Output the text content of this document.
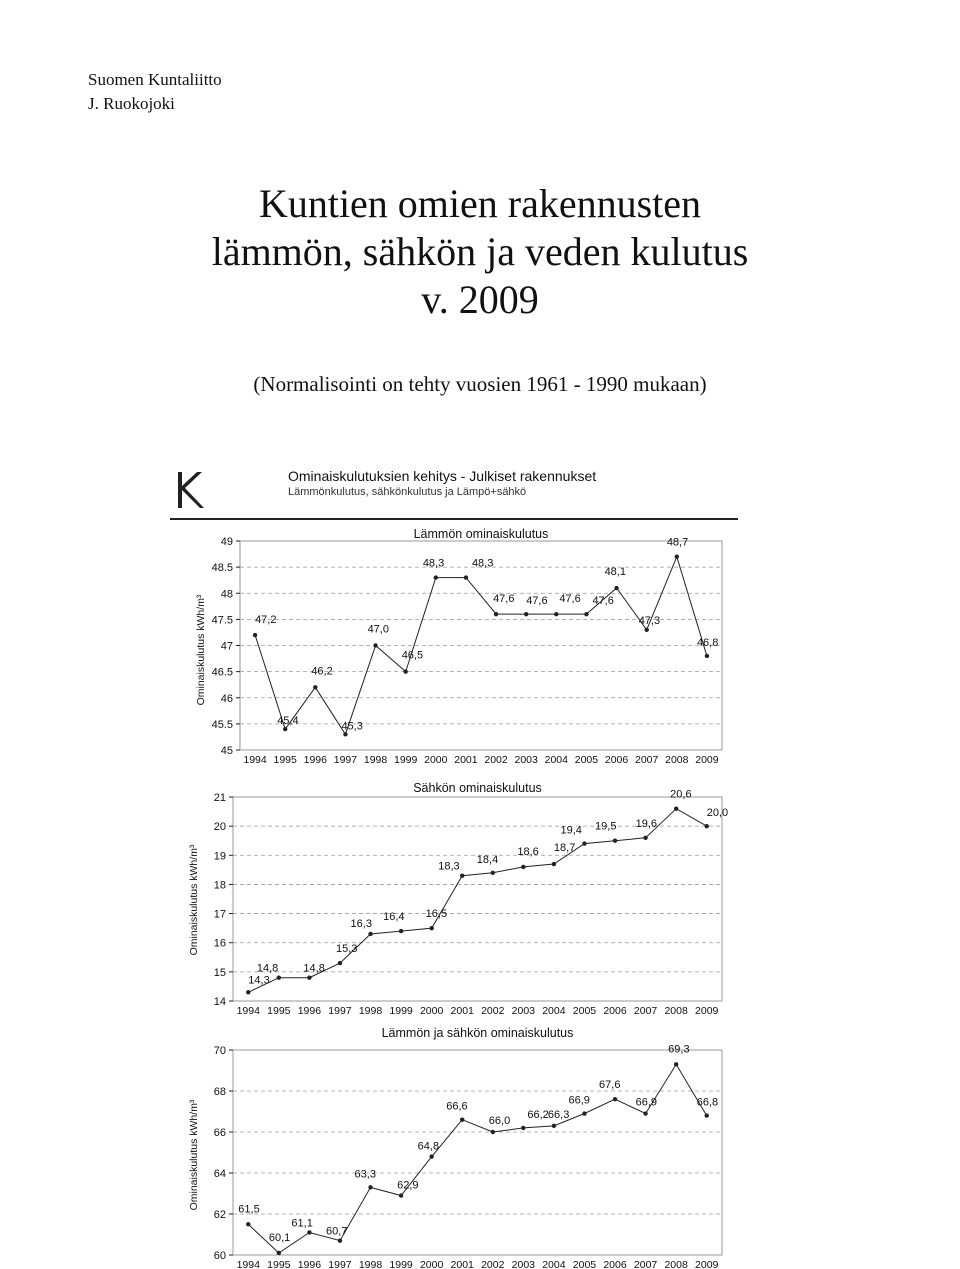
Suomen Kuntaliitto
J. Ruokojoki
Kuntien omien rakennusten
lämmön, sähkön ja veden kulutus
v. 2009
(Normalisointi on tehty vuosien 1961 - 1990 mukaan)
Ominaiskulutuksien kehitys - Julkiset rakennukset
Lämmönkulutus, sähkönkulutus ja Lämpö+sähkö
45
45.5
46
46.5
47
47.5
48
48.5
49
1994 1995 1996 1997 1998 1999 2000 2001 2002 2003 2004 2005 2006 2007 2008 2009
Lämmön ominaiskulutus
Ominaiskulutus kWh/m³	47,2
45,4
46,2
45,3
47,0
46,5
48,3	48,3
47,6 47,6 47,6 47,6
48,1
47,3
48,7
46,8
14
15
16
17
18
19
20
21
1994 1995 1996 1997 1998 1999 2000 2001 2002 2003 2004 2005 2006 2007 2008 2009
Sähkön ominaiskulutus
Ominaiskulutus kWh/m³
14,3
14,8 14,8
15,3
16,3
16,4 16,5
18,3
18,4
18,6 18,7
19,4 19,5 19,6
20,6
20,0
60
62
64
66
68
70
1994 1995 1996 1997 1998 1999 2000 2001 2002 2003 2004 2005 2006 2007 2008 2009
Lämmön ja sähkön ominaiskulutus
Ominaiskulutus kWh/m³	61,5
60,1
61,1
60,7
63,3
62,9
64,8
66,6
66,0
66,2 66,3
66,9
67,6
66,9
69,3
66,8
